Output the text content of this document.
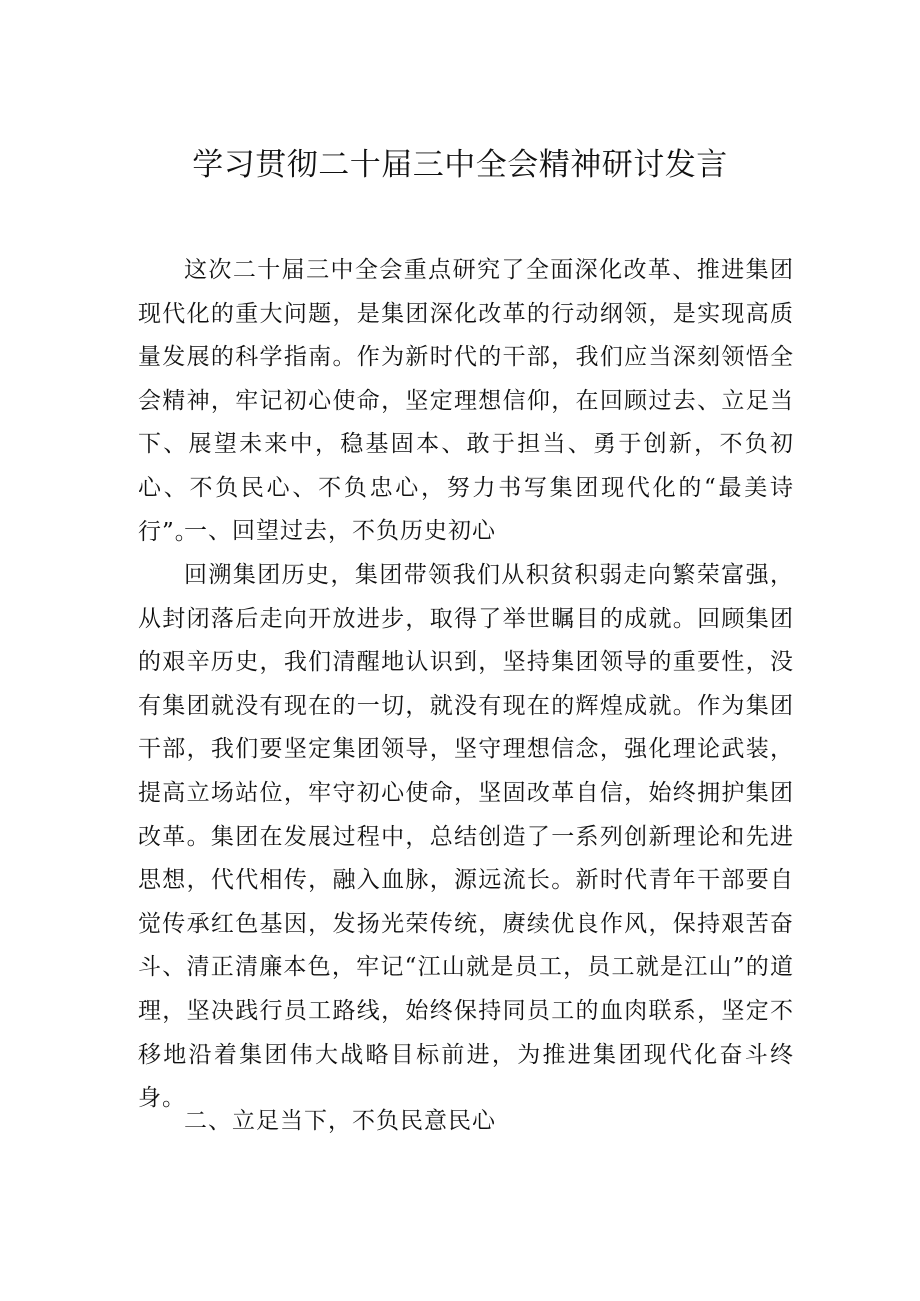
学习贯彻二十届三中全会精神研讨发言

这次二十届三中全会重点研究了全面深化改革、推进集团现代化的重大问题，是集团深化改革的行动纲领，是实现高质量发展的科学指南。作为新时代的干部，我们应当深刻领悟全会精神，牢记初心使命，坚定理想信仰，在回顾过去、立足当下、展望未来中，稳基固本、敢于担当、勇于创新，不负初心、不负民心、不负忠心，努力书写集团现代化的“最美诗行”。

一、回望过去，不负历史初心

回溯集团历史，集团带领我们从积贫积弱走向繁荣富强，从封闭落后走向开放进步，取得了举世瞩目的成就。回顾集团的艰辛历史，我们清醒地认识到，坚持集团领导的重要性，没有集团就没有现在的一切，就没有现在的辉煌成就。作为集团干部，我们要坚定集团领导，坚守理想信念，强化理论武装，提高立场站位，牢守初心使命，坚固改革自信，始终拥护集团改革。集团在发展过程中，总结创造了一系列创新理论和先进思想，代代相传，融入血脉，源远流长。新时代青年干部要自觉传承红色基因，发扬光荣传统，赓续优良作风，保持艰苦奋斗、清正清廉本色，牢记“江山就是员工，员工就是江山”的道理，坚决践行员工路线，始终保持同员工的血肉联系，坚定不移地沿着集团伟大战略目标前进，为推进集团现代化奋斗终身。

二、立足当下，不负民意民心
